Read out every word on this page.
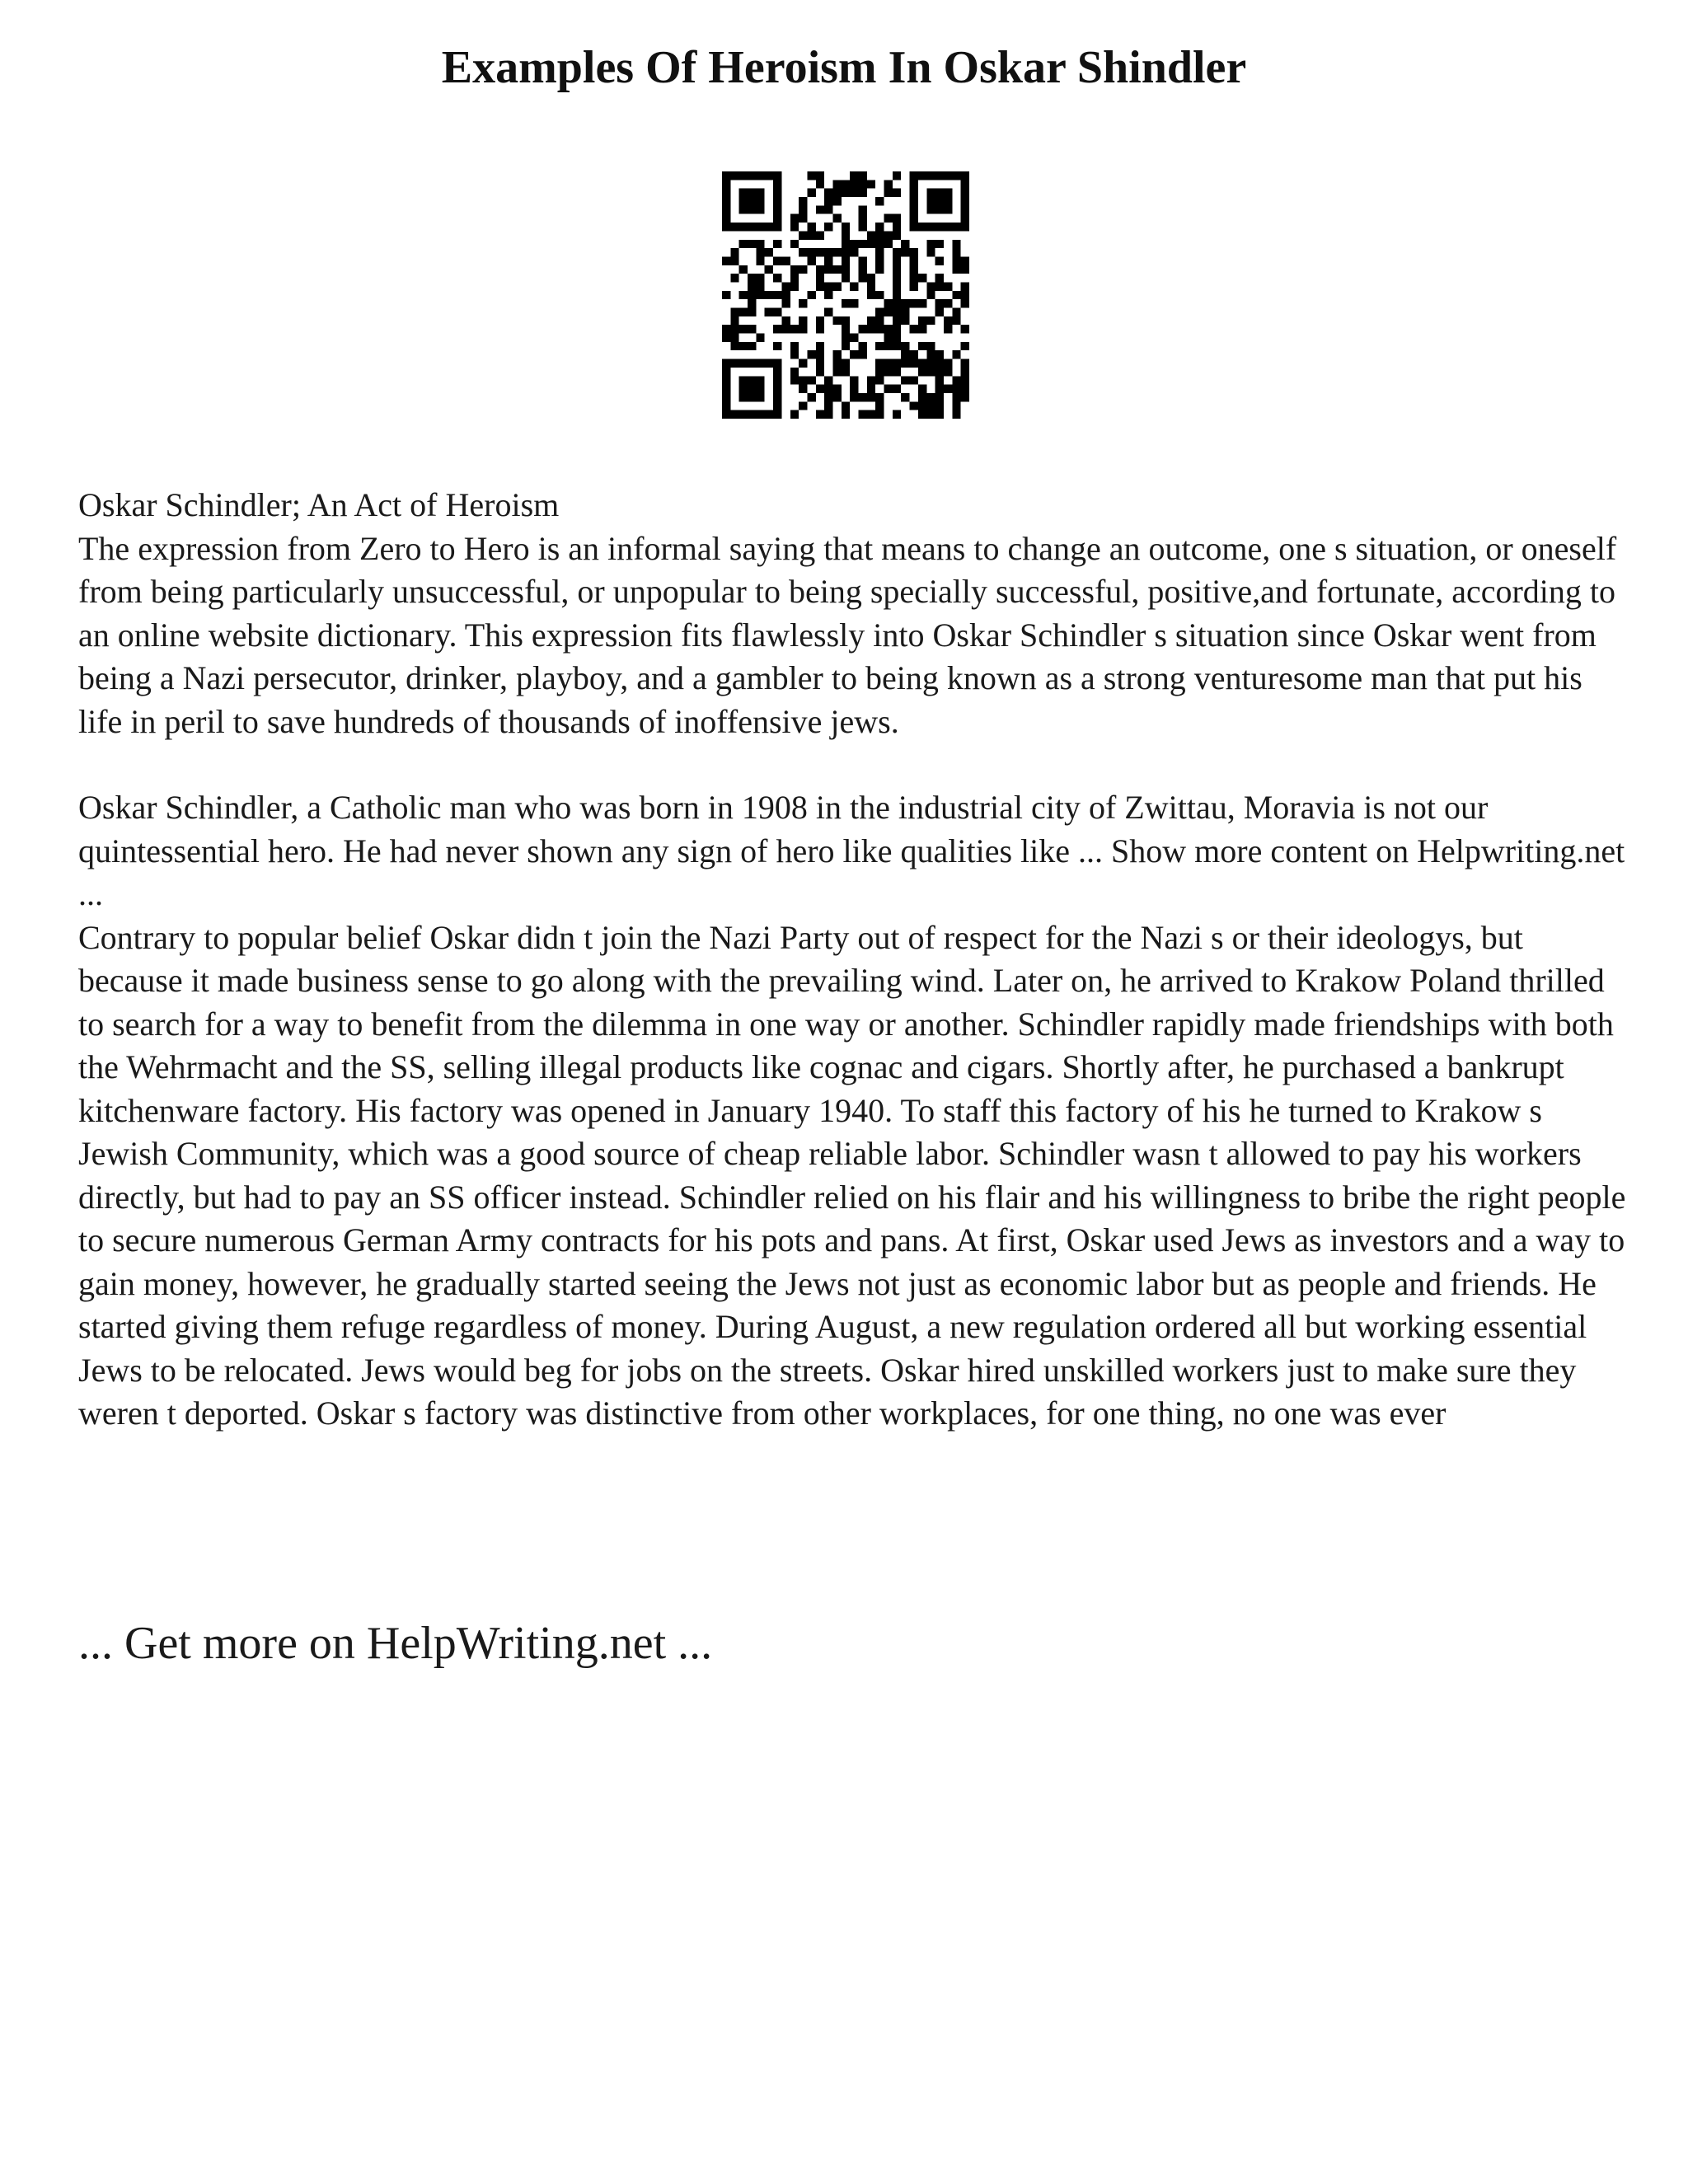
Examples Of Heroism In Oskar Shindler

Oskar Schindler; An Act of Heroism

The expression from Zero to Hero is an informal saying that means to change an outcome, one s situation, or oneself from being particularly unsuccessful, or unpopular to being specially successful, positive,and fortunate, according to an online website dictionary. This expression fits flawlessly into Oskar Schindler s situation since Oskar went from being a Nazi persecutor, drinker, playboy, and a gambler to being known as a strong venturesome man that put his life in peril to save hundreds of thousands of inoffensive jews.

Oskar Schindler, a Catholic man who was born in 1908 in the industrial city of Zwittau, Moravia is not our quintessential hero. He had never shown any sign of hero like qualities like ... Show more content on Helpwriting.net ...

Contrary to popular belief Oskar didn t join the Nazi Party out of respect for the Nazi s or their ideologys, but because it made business sense to go along with the prevailing wind. Later on, he arrived to Krakow Poland thrilled to search for a way to benefit from the dilemma in one way or another. Schindler rapidly made friendships with both the Wehrmacht and the SS, selling illegal products like cognac and cigars. Shortly after, he purchased a bankrupt kitchenware factory. His factory was opened in January 1940. To staff this factory of his he turned to Krakow s Jewish Community, which was a good source of cheap reliable labor. Schindler wasn t allowed to pay his workers directly, but had to pay an SS officer instead. Schindler relied on his flair and his willingness to bribe the right people to secure numerous German Army contracts for his pots and pans. At first, Oskar used Jews as investors and a way to gain money, however, he gradually started seeing the Jews not just as economic labor but as people and friends. He started giving them refuge regardless of money. During August, a new regulation ordered all but working essential Jews to be relocated. Jews would beg for jobs on the streets. Oskar hired unskilled workers just to make sure they weren t deported. Oskar s factory was distinctive from other workplaces, for one thing, no one was ever

... Get more on HelpWriting.net ...
